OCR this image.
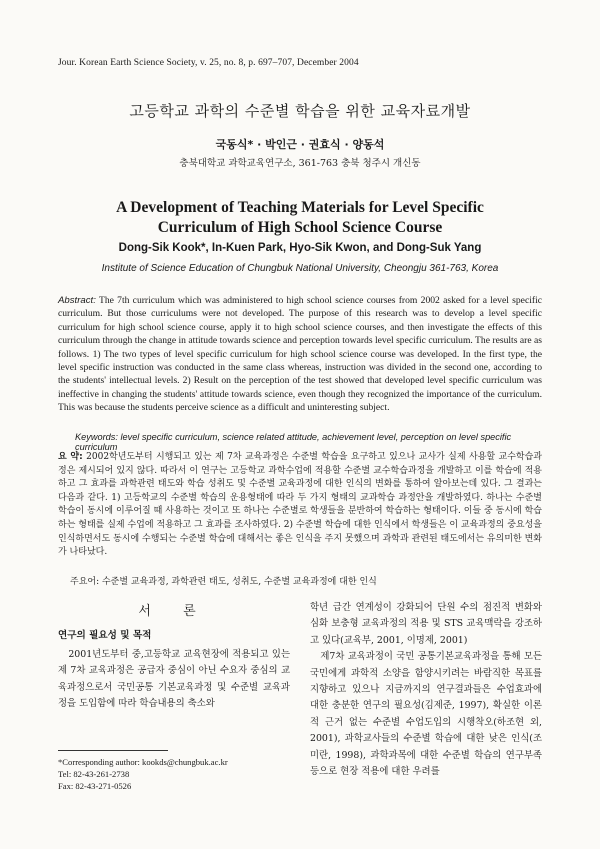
Jour. Korean Earth Science Society, v. 25, no. 8, p. 697–707, December 2004
고등학교 과학의 수준별 학습을 위한 교육자료개발
국동식* · 박인근 · 권효식 · 양동석
충북대학교 과학교육연구소, 361-763 충북 청주시 개신동
A Development of Teaching Materials for Level Specific
Curriculum of High School Science Course
Dong-Sik Kook*, In-Kuen Park, Hyo-Sik Kwon, and Dong-Suk Yang
Institute of Science Education of Chungbuk National University, Cheongju 361-763, Korea

Abstract: The 7th curriculum which was administered to high school science courses from 2002 asked for a level specific curriculum. But those curriculums were not developed. The purpose of this research was to develop a level specific curriculum for high school science course, apply it to high school science courses, and then investigate the effects of this curriculum through the change in attitude towards science and perception towards level specific curriculum. The results are as follows. 1) The two types of level specific curriculum for high school science course was developed. In the first type, the level specific instruction was conducted in the same class whereas, instruction was divided in the second one, according to the students' intellectual levels. 2) Result on the perception of the test showed that developed level specific curriculum was ineffective in changing the students' attitude towards science, even though they recognized the importance of the curriculum. This was because the students perceive science as a difficult and uninteresting subject.

Keywords: level specific curriculum, science related attitude, achievement level, perception on level specific curriculum

요 약: 2002학년도부터 시행되고 있는 제 7차 교육과정은 수준별 학습을 요구하고 있으나 교사가 실제 사용할 교수학습과정은 제시되어 있지 않다. 따라서 이 연구는 고등학교 과학수업에 적용할 수준별 교수학습과정을 개발하고 이를 학습에 적용하고 그 효과를 과학관련 태도와 학습 성취도 및 수준별 교육과정에 대한 인식의 변화를 통하여 알아보는데 있다. 그 결과는 다음과 같다. 1) 고등학교의 수준별 학습의 운용형태에 따라 두 가지 형태의 교과학습 과정안을 개발하였다. 하나는 수준별 학습이 동시에 이루어질 때 사용하는 것이고 또 하나는 수준별로 학생들을 분반하여 학습하는 형태이다. 이들 중 동시에 학습하는 형태를 실제 수업에 적용하고 그 효과를 조사하였다. 2) 수준별 학습에 대한 인식에서 학생들은 이 교육과정의 중요성을 인식하면서도 동시에 수행되는 수준별 학습에 대해서는 좋은 인식을 주지 못했으며 과학과 관련된 태도에서는 유의미한 변화가 나타났다.

주요어: 수준별 교육과정, 과학관련 태도, 성취도, 수준별 교육과정에 대한 인식

서 론
연구의 필요성 및 목적

2001년도부터 중,고등학교 교육현장에 적용되고 있는 제 7차 교육과정은 공급자 중심이 아닌 수요자 중심의 교육과정으로서 국민공통 기본교육과정 및 수준별 교육과정을 도입함에 따라 학습내용의 축소와

학년 급간 연계성이 강화되어 단원 수의 점진적 변화와 심화 보충형 교육과정의 적용 및 STS 교육맥락을 강조하고 있다(교육부, 2001, 이명제, 2001)

제7차 교육과정이 국민 공통기본교육과정을 통해 모든 국민에게 과학적 소양을 함양시키려는 바람직한 목표를 지향하고 있으나 지금까지의 연구결과들은 수업효과에 대한 충분한 연구의 필요성(김제준, 1997), 확실한 이론적 근거 없는 수준별 수업도입의 시행착오(하조현 외, 2001), 과학교사들의 수준별 학습에 대한 낮은 인식(조미란, 1998), 과학과목에 대한 수준별 학습의 연구부족 등으로 현장 적용에 대한 우려를

*Corresponding author: kookds@chungbuk.ac.kr
Tel: 82-43-261-2738
Fax: 82-43-271-0526
